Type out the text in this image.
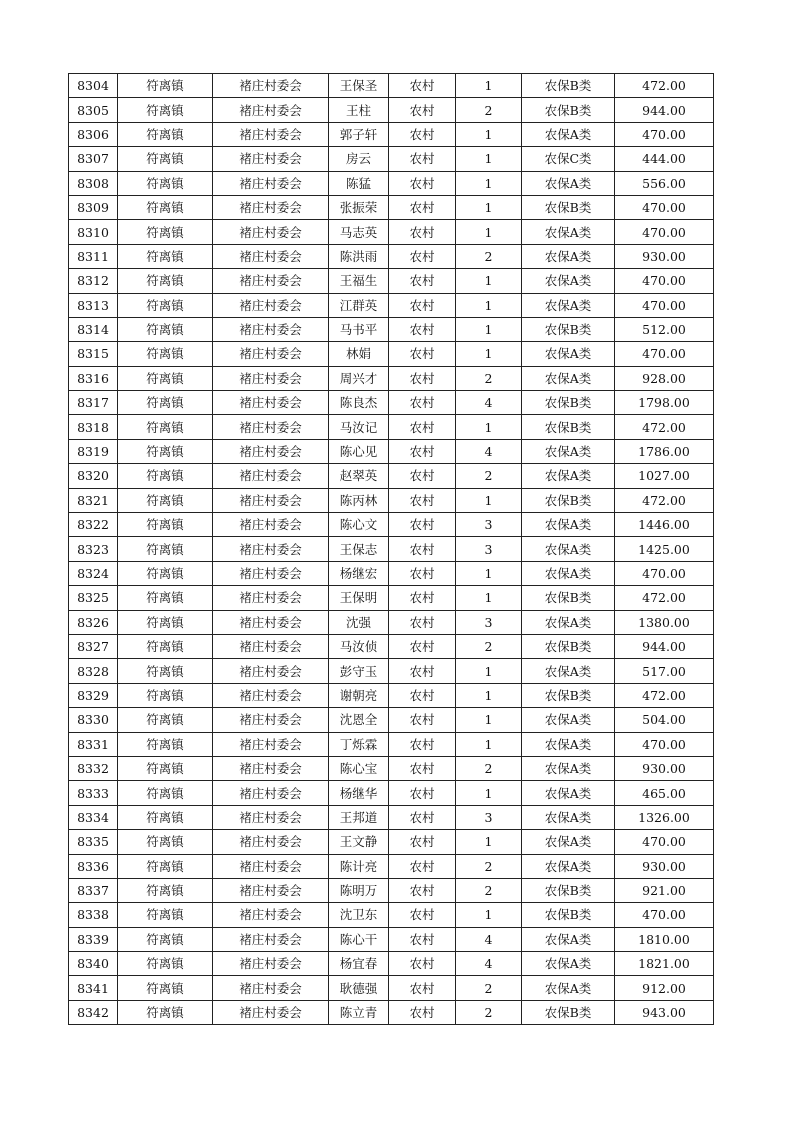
8304	符离镇	褚庄村委会	王保圣	农村	1	农保B类	472.00
8305	符离镇	褚庄村委会	王柱	农村	2	农保B类	944.00
8306	符离镇	褚庄村委会	郭子轩	农村	1	农保A类	470.00
8307	符离镇	褚庄村委会	房云	农村	1	农保C类	444.00
8308	符离镇	褚庄村委会	陈猛	农村	1	农保A类	556.00
8309	符离镇	褚庄村委会	张振荣	农村	1	农保B类	470.00
8310	符离镇	褚庄村委会	马志英	农村	1	农保A类	470.00
8311	符离镇	褚庄村委会	陈洪雨	农村	2	农保A类	930.00
8312	符离镇	褚庄村委会	王福生	农村	1	农保A类	470.00
8313	符离镇	褚庄村委会	江群英	农村	1	农保A类	470.00
8314	符离镇	褚庄村委会	马书平	农村	1	农保B类	512.00
8315	符离镇	褚庄村委会	林娟	农村	1	农保A类	470.00
8316	符离镇	褚庄村委会	周兴才	农村	2	农保A类	928.00
8317	符离镇	褚庄村委会	陈良杰	农村	4	农保B类	1798.00
8318	符离镇	褚庄村委会	马汝记	农村	1	农保B类	472.00
8319	符离镇	褚庄村委会	陈心见	农村	4	农保A类	1786.00
8320	符离镇	褚庄村委会	赵翠英	农村	2	农保A类	1027.00
8321	符离镇	褚庄村委会	陈丙林	农村	1	农保B类	472.00
8322	符离镇	褚庄村委会	陈心文	农村	3	农保A类	1446.00
8323	符离镇	褚庄村委会	王保志	农村	3	农保A类	1425.00
8324	符离镇	褚庄村委会	杨继宏	农村	1	农保A类	470.00
8325	符离镇	褚庄村委会	王保明	农村	1	农保B类	472.00
8326	符离镇	褚庄村委会	沈强	农村	3	农保A类	1380.00
8327	符离镇	褚庄村委会	马汝侦	农村	2	农保B类	944.00
8328	符离镇	褚庄村委会	彭守玉	农村	1	农保A类	517.00
8329	符离镇	褚庄村委会	谢朝亮	农村	1	农保B类	472.00
8330	符离镇	褚庄村委会	沈恩全	农村	1	农保A类	504.00
8331	符离镇	褚庄村委会	丁烁霖	农村	1	农保A类	470.00
8332	符离镇	褚庄村委会	陈心宝	农村	2	农保A类	930.00
8333	符离镇	褚庄村委会	杨继华	农村	1	农保A类	465.00
8334	符离镇	褚庄村委会	王邦道	农村	3	农保A类	1326.00
8335	符离镇	褚庄村委会	王文静	农村	1	农保A类	470.00
8336	符离镇	褚庄村委会	陈计亮	农村	2	农保A类	930.00
8337	符离镇	褚庄村委会	陈明万	农村	2	农保B类	921.00
8338	符离镇	褚庄村委会	沈卫东	农村	1	农保B类	470.00
8339	符离镇	褚庄村委会	陈心干	农村	4	农保A类	1810.00
8340	符离镇	褚庄村委会	杨宜春	农村	4	农保A类	1821.00
8341	符离镇	褚庄村委会	耿德强	农村	2	农保A类	912.00
8342	符离镇	褚庄村委会	陈立青	农村	2	农保B类	943.00
